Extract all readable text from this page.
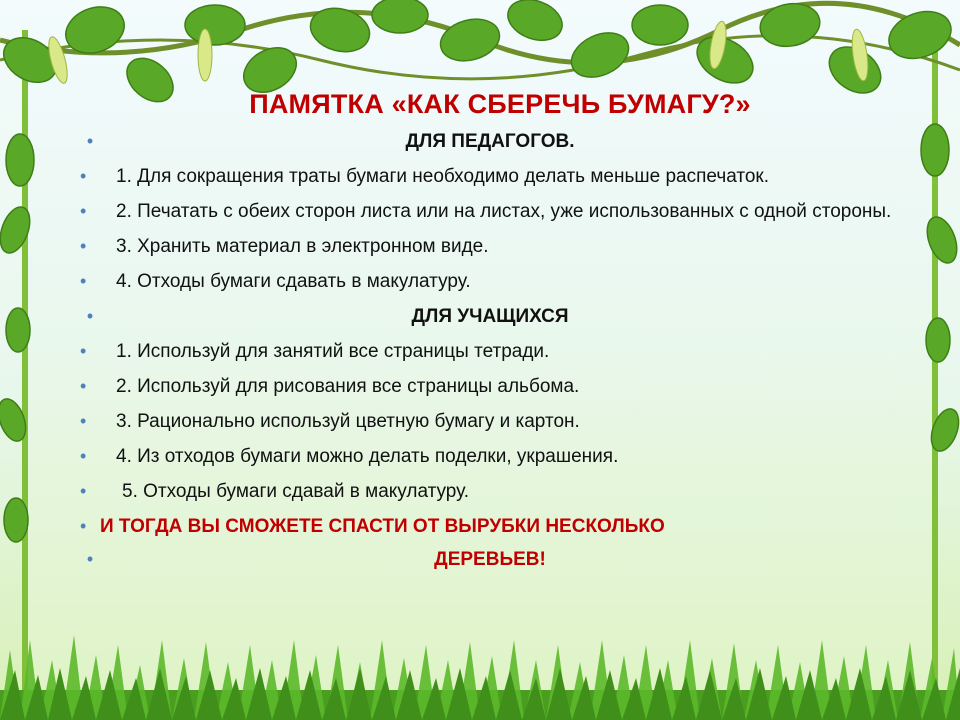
ПАМЯТКА «КАК СБЕРЕЧЬ БУМАГУ?»
•	ДЛЯ ПЕДАГОГОВ.
• 1. Для сокращения траты бумаги необходимо делать меньше распечаток.
• 2. Печатать с обеих сторон листа или на листах, уже использованных с одной стороны.
• 3. Хранить материал в электронном виде.
• 4. Отходы бумаги сдавать в макулатуру.
•	ДЛЯ УЧАЩИХСЯ
• 1. Используй для занятий все страницы тетради.
• 2. Используй для рисования все страницы альбома.
• 3. Рационально используй цветную бумагу и картон.
• 4. Из отходов бумаги можно делать поделки, украшения.
• 5. Отходы бумаги сдавай в макулатуру.
• И ТОГДА ВЫ СМОЖЕТЕ СПАСТИ ОТ ВЫРУБКИ НЕСКОЛЬКО
•	ДЕРЕВЬЕВ!
